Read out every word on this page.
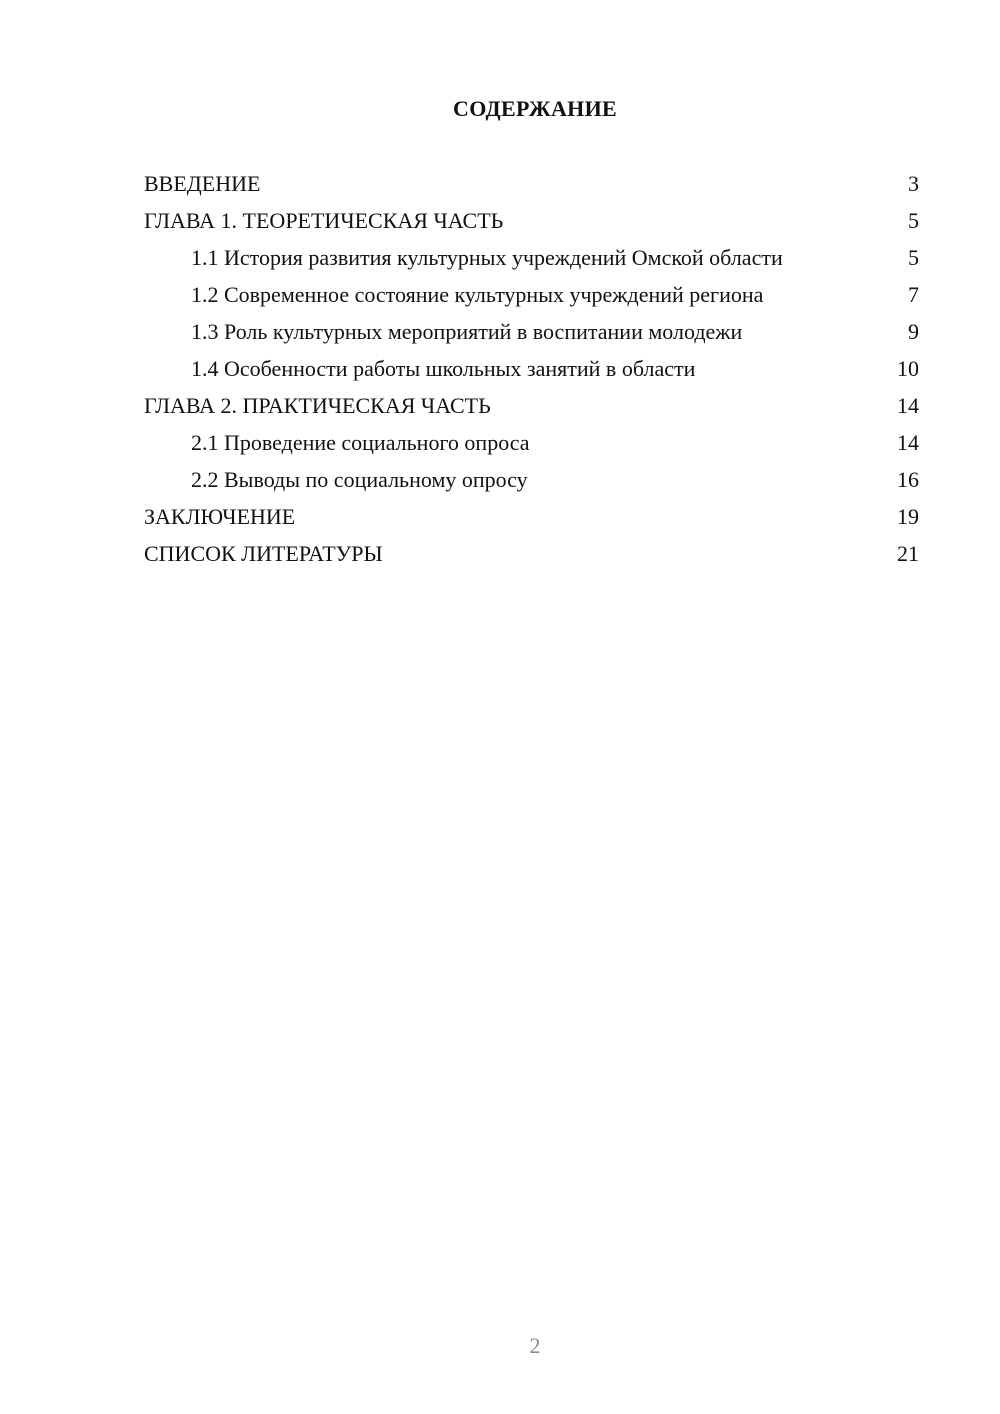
СОДЕРЖАНИЕ
ВВЕДЕНИЕ	3
ГЛАВА 1. ТЕОРЕТИЧЕСКАЯ ЧАСТЬ	5
1.1 История развития культурных учреждений Омской области	5
1.2 Современное состояние культурных учреждений региона	7
1.3 Роль культурных мероприятий в воспитании молодежи	9
1.4 Особенности работы школьных занятий в области	10
ГЛАВА 2. ПРАКТИЧЕСКАЯ ЧАСТЬ	14
2.1 Проведение социального опроса	14
2.2 Выводы по социальному опросу	16
ЗАКЛЮЧЕНИЕ	19
СПИСОК ЛИТЕРАТУРЫ	21
2
